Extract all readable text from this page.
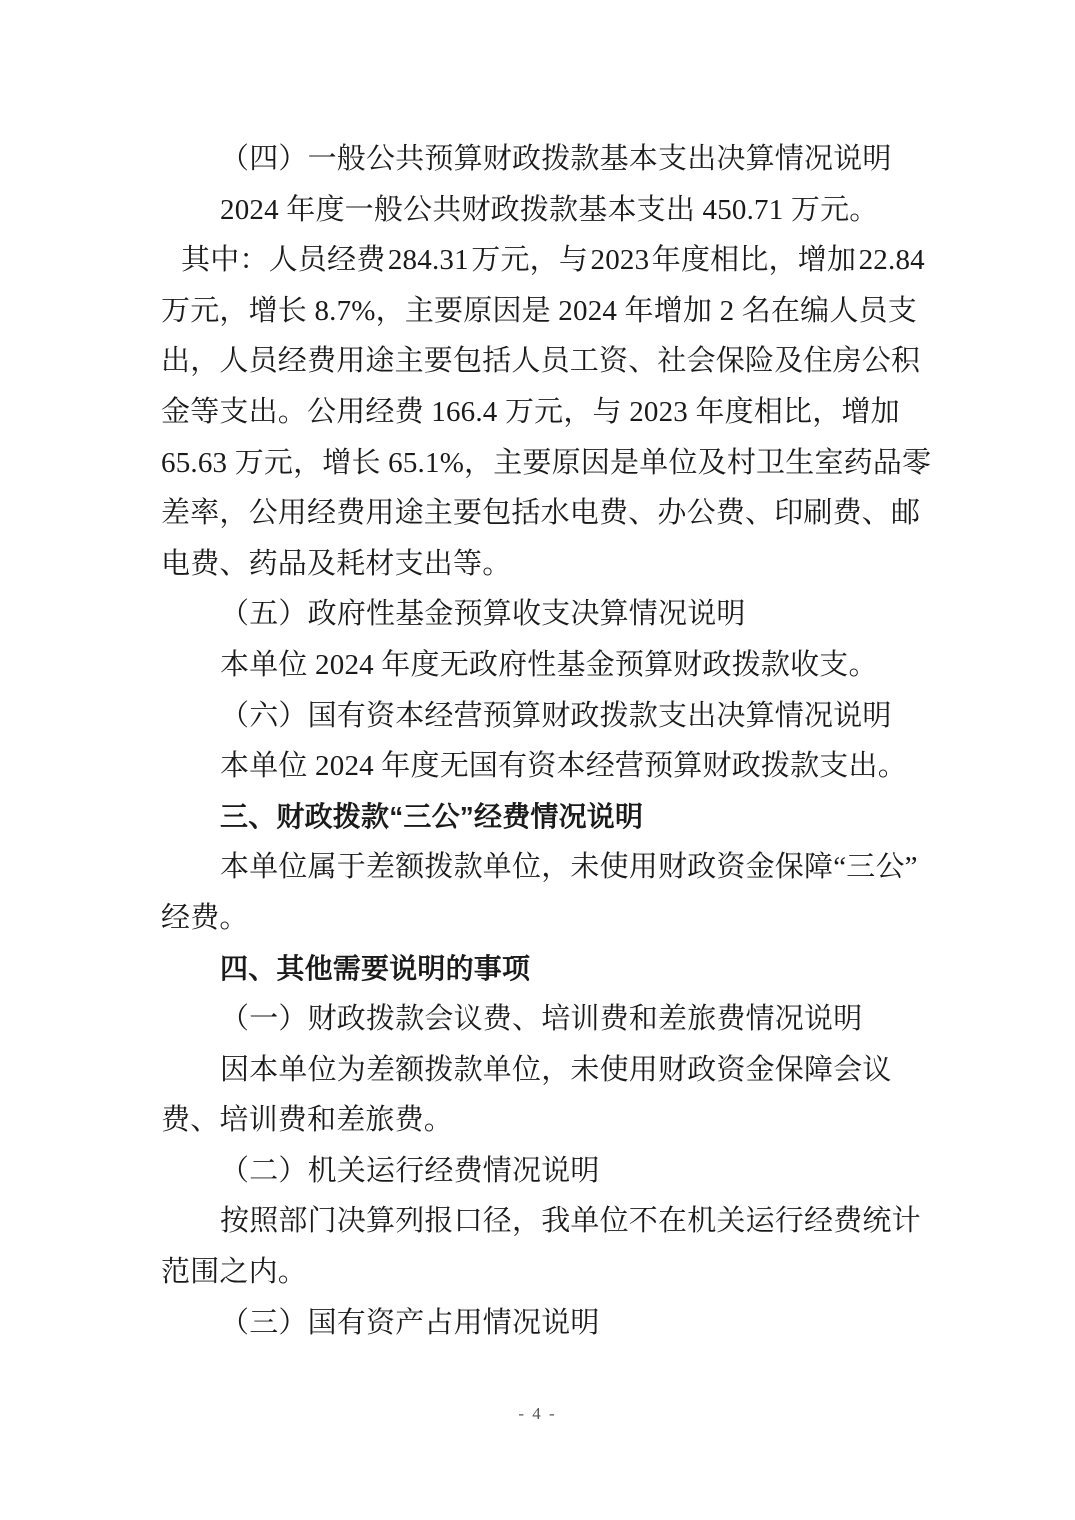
（四）一般公共预算财政拨款基本支出决算情况说明
2024 年度一般公共财政拨款基本支出 450.71 万元。
其中：人员经费 284.31 万元，与 2023 年度相比，增加 22.84
万元，增长 8.7%，主要原因是 2024 年增加 2 名在编人员支
出，人员经费用途主要包括人员工资、社会保险及住房公积
金等支出。公用经费 166.4 万元，与 2023 年度相比，增加
65.63 万元，增长 65.1%，主要原因是单位及村卫生室药品零
差率，公用经费用途主要包括水电费、办公费、印刷费、邮
电费、药品及耗材支出等。
（五）政府性基金预算收支决算情况说明
本单位 2024 年度无政府性基金预算财政拨款收支。
（六）国有资本经营预算财政拨款支出决算情况说明
本单位 2024 年度无国有资本经营预算财政拨款支出。
三、财政拨款“三公”经费情况说明
本单位属于差额拨款单位，未使用财政资金保障“三公”
经费。
四、其他需要说明的事项
（一）财政拨款会议费、培训费和差旅费情况说明
因本单位为差额拨款单位，未使用财政资金保障会议
费、培训费和差旅费。
（二）机关运行经费情况说明
按照部门决算列报口径，我单位不在机关运行经费统计
范围之内。
（三）国有资产占用情况说明
- 4 -
